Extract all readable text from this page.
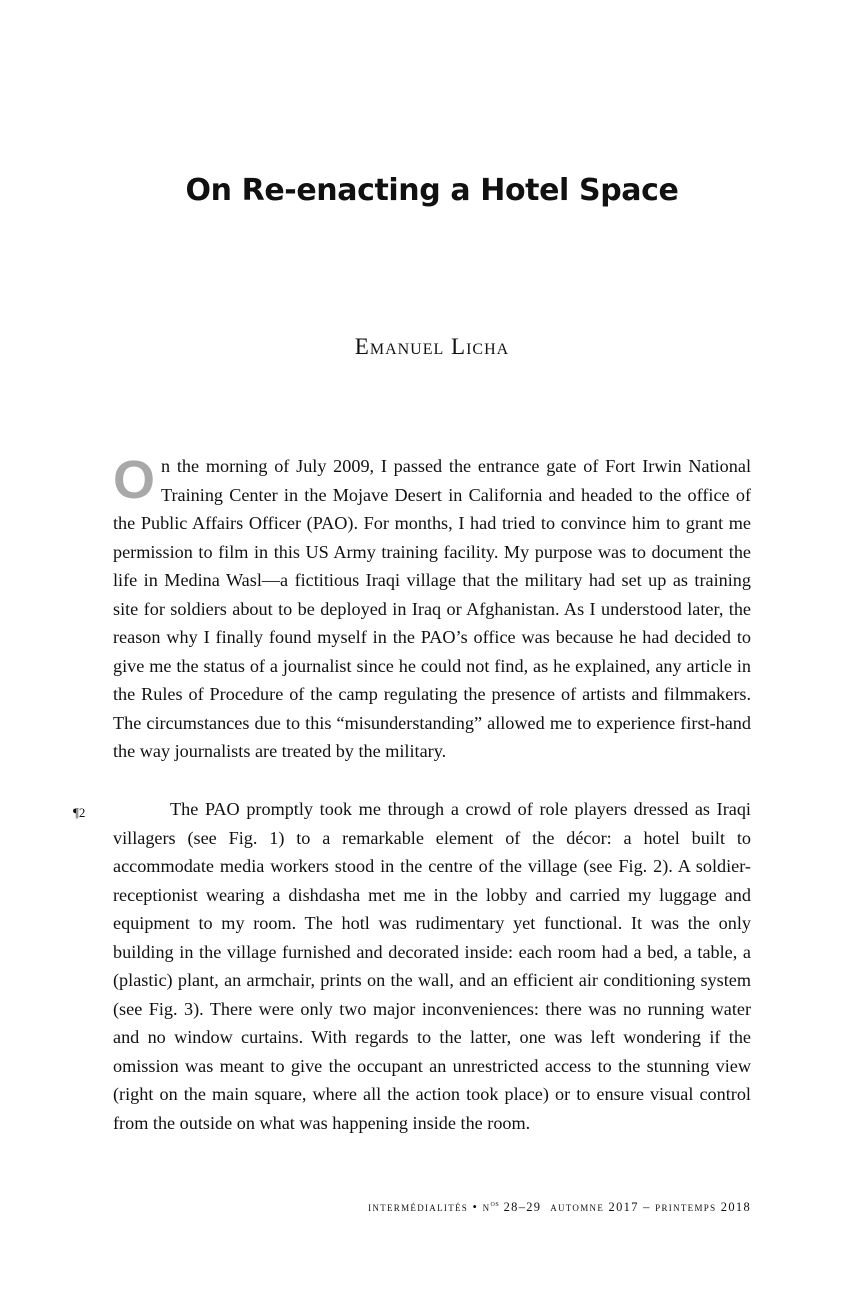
On Re-enacting a Hotel Space
Emanuel Licha

On the morning of July 2009, I passed the entrance gate of Fort Irwin National Training Center in the Mojave Desert in California and headed to the office of the Public Affairs Officer (PAO). For months, I had tried to convince him to grant me permission to film in this US Army training facility. My purpose was to document the life in Medina Wasl—a fictitious Iraqi village that the military had set up as training site for soldiers about to be deployed in Iraq or Afghanistan. As I understood later, the reason why I finally found myself in the PAO’s office was because he had decided to give me the status of a journalist since he could not find, as he explained, any article in the Rules of Procedure of the camp regulating the presence of artists and filmmakers. The circumstances due to this “misunderstanding” allowed me to experience first-hand the way journalists are treated by the military.

¶2	The PAO promptly took me through a crowd of role players dressed as Iraqi villagers (see Fig. 1) to a remarkable element of the décor: a hotel built to accommodate media workers stood in the centre of the village (see Fig. 2). A soldier-receptionist wearing a dishdasha met me in the lobby and carried my luggage and equipment to my room. The hotl was rudimentary yet functional. It was the only building in the village furnished and decorated inside: each room had a bed, a table, a (plastic) plant, an armchair, prints on the wall, and an efficient air conditioning system (see Fig. 3). There were only two major inconveniences: there was no running water and no window curtains. With regards to the latter, one was left wondering if the omission was meant to give the occupant an unrestricted access to the stunning view (right on the main square, where all the action took place) or to ensure visual control from the outside on what was happening inside the room.

intermédialités • $n^{os}$ 28–29 automne 2017 – printemps 2018
